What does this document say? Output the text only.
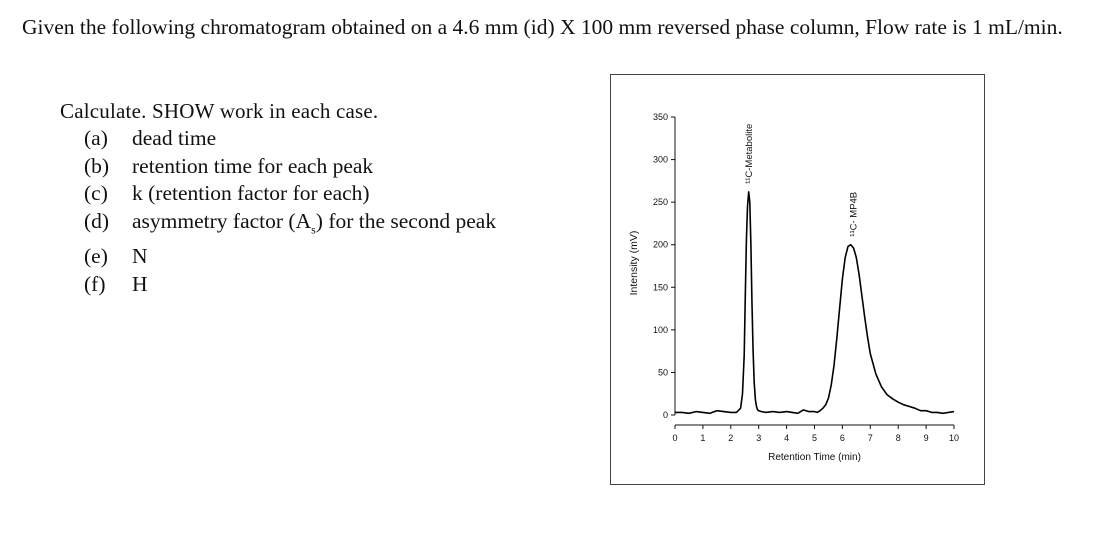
Given the following chromatogram obtained on a 4.6 mm (id) X 100 mm reversed phase column, Flow rate is 1 mL/min.

Calculate. SHOW work in each case.

(a)	dead time
(b)	retention time for each peak
(c)	k (retention factor for each)
(d)	asymmetry factor $(A_s)$ for the second peak
(e)	N
(f)	H	Intensity (mV)
Retention Time (min)
0
50
100
150
200
250
300
350
0	1	2	3	4	5	6	7	8	9 10
¹¹C-Metabolite
¹¹C- MP4B
